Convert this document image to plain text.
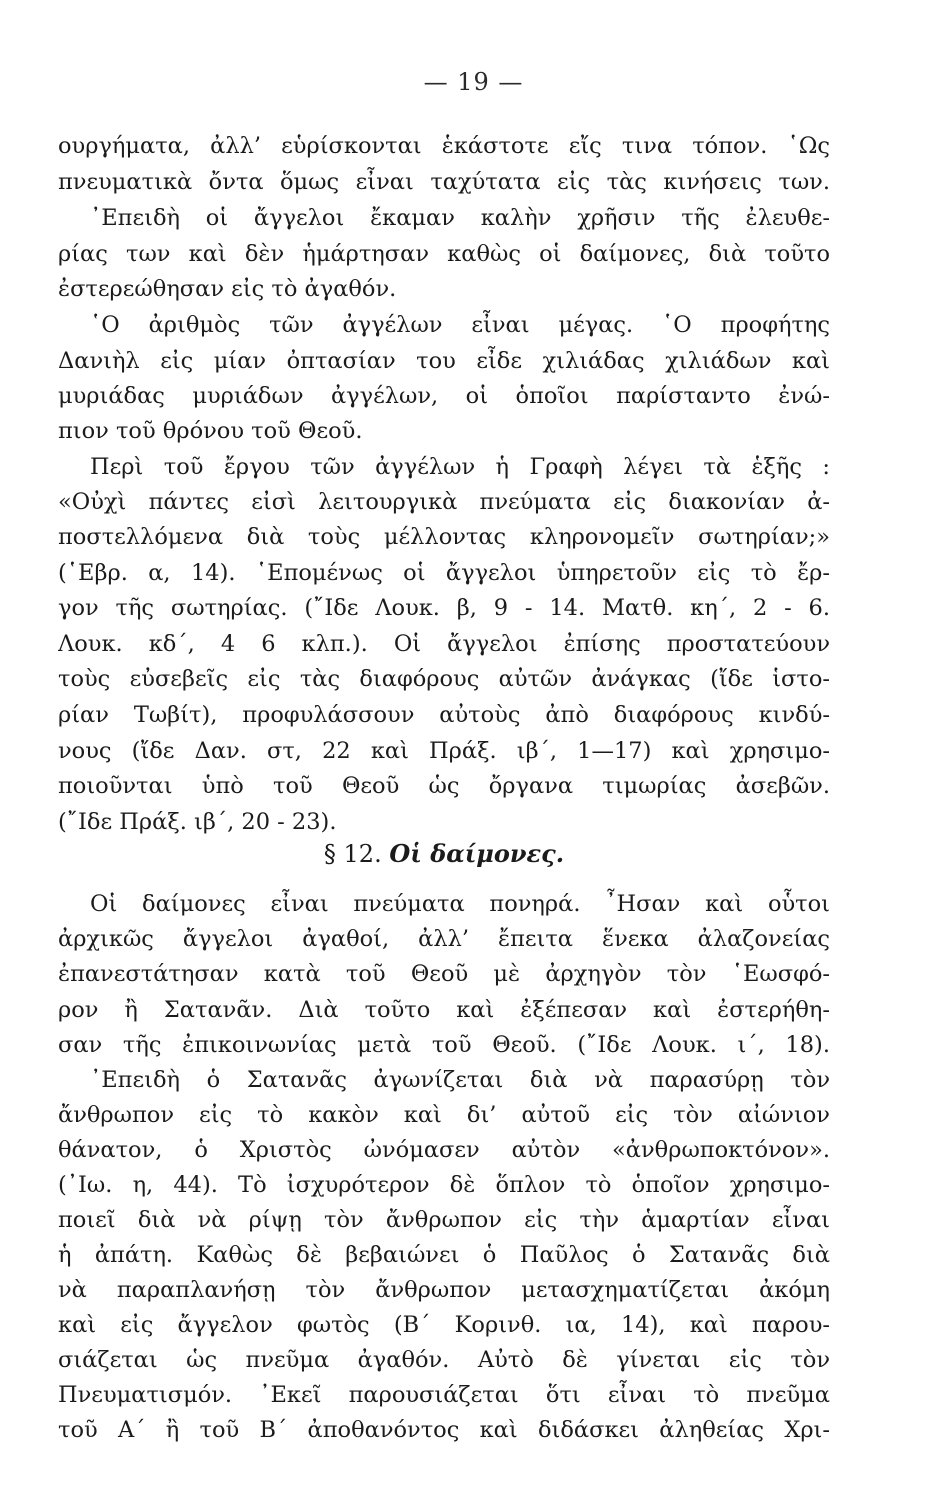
— 19 —
ουργήματα, ἀλλ’ εὑρίσκονται ἑκάστοτε εἴς τινα τόπον. ῾Ως
πνευματικὰ ὄντα ὅμως εἶναι ταχύτατα εἰς τὰς κινήσεις των.
᾿Επειδὴ οἱ ἄγγελοι ἔκαμαν καλὴν χρῆσιν τῆς ἐλευθε-
ρίας των καὶ δὲν ἡμάρτησαν καθὼς οἱ δαίμονες, διὰ τοῦτο
ἐστερεώθησαν εἰς τὸ ἀγαθόν.
῾Ο ἀριθμὸς τῶν ἀγγέλων εἶναι μέγας. ῾Ο προφήτης
Δανιὴλ εἰς μίαν ὀπτασίαν του εἶδε χιλιάδας χιλιάδων καὶ
μυριάδας μυριάδων ἀγγέλων, οἱ ὁποῖοι παρίσταντο ἐνώ-
πιον τοῦ θρόνου τοῦ Θεοῦ.
Περὶ τοῦ ἔργου τῶν ἀγγέλων ἡ Γραφὴ λέγει τὰ ἑξῆς :
«Οὐχὶ πάντες εἰσὶ λειτουργικὰ πνεύματα εἰς διακονίαν ἀ-
ποστελλόμενα διὰ τοὺς μέλλοντας κληρονομεῖν σωτηρίαν;»
(῾Εβρ. α, 14). ῾Επομένως οἱ ἄγγελοι ὑπηρετοῦν εἰς τὸ ἔρ-
γον τῆς σωτηρίας. (῎Ιδε Λουκ. β, 9 - 14. Ματθ. κη΄, 2 - 6.
Λουκ. κδ΄, 4 6 κλπ.). Οἱ ἄγγελοι ἐπίσης προστατεύουν
τοὺς εὐσεβεῖς εἰς τὰς διαφόρους αὐτῶν ἀνάγκας (ἴδε ἱστο-
ρίαν Τωβίτ), προφυλάσσουν αὐτοὺς ἀπὸ διαφόρους κινδύ-
νους (ἴδε Δαν. στ, 22 καὶ Πράξ. ιβ΄, 1—17) καὶ χρησιμο-
ποιοῦνται ὑπὸ τοῦ Θεοῦ ὡς ὄργανα τιμωρίας ἀσεβῶν.
(῎Ιδε Πράξ. ιβ΄, 20 - 23).
§ 12. Οἱ δαίμονες.
Οἱ δαίμονες εἶναι πνεύματα πονηρά. ῏Ησαν καὶ οὗτοι
ἀρχικῶς ἄγγελοι ἀγαθοί, ἀλλ’ ἔπειτα ἕνεκα ἀλαζονείας
ἐπανεστάτησαν κατὰ τοῦ Θεοῦ μὲ ἀρχηγὸν τὸν ῾Εωσφό-
ρον ἢ Σατανᾶν. Διὰ τοῦτο καὶ ἐξέπεσαν καὶ ἐστερήθη-
σαν τῆς ἐπικοινωνίας μετὰ τοῦ Θεοῦ. (῎Ιδε Λουκ. ι΄, 18).
᾿Επειδὴ ὁ Σατανᾶς ἀγωνίζεται διὰ νὰ παρασύρῃ τὸν
ἄνθρωπον εἰς τὸ κακὸν καὶ δι’ αὐτοῦ εἰς τὸν αἰώνιον
θάνατον, ὁ Χριστὸς ὠνόμασεν αὐτὸν «ἀνθρωποκτόνον».
(᾿Ιω. η, 44). Τὸ ἰσχυρότερον δὲ ὅπλον τὸ ὁποῖον χρησιμο-
ποιεῖ διὰ νὰ ρίψῃ τὸν ἄνθρωπον εἰς τὴν ἁμαρτίαν εἶναι
ἡ ἀπάτη. Καθὼς δὲ βεβαιώνει ὁ Παῦλος ὁ Σατανᾶς διὰ
νὰ παραπλανήσῃ τὸν ἄνθρωπον μετασχηματίζεται ἀκόμη
καὶ εἰς ἄγγελον φωτὸς (Β΄ Κορινθ. ια, 14), καὶ παρου-
σιάζεται ὡς πνεῦμα ἀγαθόν. Αὐτὸ δὲ γίνεται εἰς τὸν
Πνευματισμόν. ᾿Εκεῖ παρουσιάζεται ὅτι εἶναι τὸ πνεῦμα
τοῦ Α΄ ἢ τοῦ Β΄ ἀποθανόντος καὶ διδάσκει ἀληθείας Χρι-
